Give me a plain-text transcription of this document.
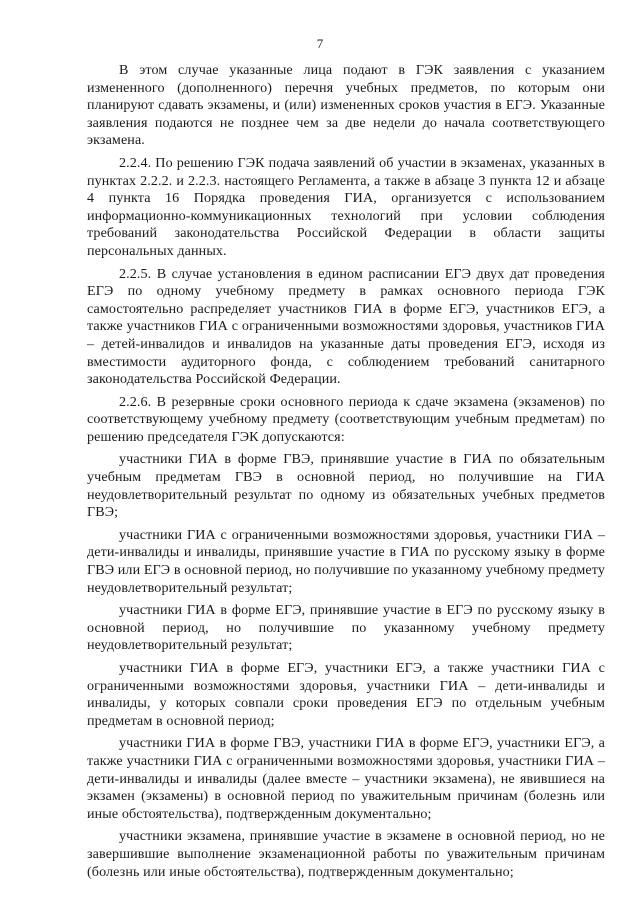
7

В этом случае указанные лица подают в ГЭК заявления с указанием измененного (дополненного) перечня учебных предметов, по которым они планируют сдавать экзамены, и (или) измененных сроков участия в ЕГЭ. Указанные заявления подаются не позднее чем за две недели до начала соответствующего экзамена.

2.2.4. По решению ГЭК подача заявлений об участии в экзаменах, указанных в пунктах 2.2.2. и 2.2.3. настоящего Регламента, а также в абзаце 3 пункта 12 и абзаце 4 пункта 16 Порядка проведения ГИА, организуется с использованием информационно-коммуникационных технологий при условии соблюдения требований законодательства Российской Федерации в области защиты персональных данных.

2.2.5. В случае установления в едином расписании ЕГЭ двух дат проведения ЕГЭ по одному учебному предмету в рамках основного периода ГЭК самостоятельно распределяет участников ГИА в форме ЕГЭ, участников ЕГЭ, а также участников ГИА с ограниченными возможностями здоровья, участников ГИА – детей-инвалидов и инвалидов на указанные даты проведения ЕГЭ, исходя из вместимости аудиторного фонда, с соблюдением требований санитарного законодательства Российской Федерации.

2.2.6. В резервные сроки основного периода к сдаче экзамена (экзаменов) по соответствующему учебному предмету (соответствующим учебным предметам) по решению председателя ГЭК допускаются:

участники ГИА в форме ГВЭ, принявшие участие в ГИА по обязательным учебным предметам ГВЭ в основной период, но получившие на ГИА неудовлетворительный результат по одному из обязательных учебных предметов ГВЭ;

участники ГИА с ограниченными возможностями здоровья, участники ГИА – дети-инвалиды и инвалиды, принявшие участие в ГИА по русскому языку в форме ГВЭ или ЕГЭ в основной период, но получившие по указанному учебному предмету неудовлетворительный результат;

участники ГИА в форме ЕГЭ, принявшие участие в ЕГЭ по русскому языку в основной период, но получившие по указанному учебному предмету неудовлетворительный результат;

участники ГИА в форме ЕГЭ, участники ЕГЭ, а также участники ГИА с ограниченными возможностями здоровья, участники ГИА – дети-инвалиды и инвалиды, у которых совпали сроки проведения ЕГЭ по отдельным учебным предметам в основной период;

участники ГИА в форме ГВЭ, участники ГИА в форме ЕГЭ, участники ЕГЭ, а также участники ГИА с ограниченными возможностями здоровья, участники ГИА – дети-инвалиды и инвалиды (далее вместе – участники экзамена), не явившиеся на экзамен (экзамены) в основной период по уважительным причинам (болезнь или иные обстоятельства), подтвержденным документально;

участники экзамена, принявшие участие в экзамене в основной период, но не завершившие выполнение экзаменационной работы по уважительным причинам (болезнь или иные обстоятельства), подтвержденным документально;
